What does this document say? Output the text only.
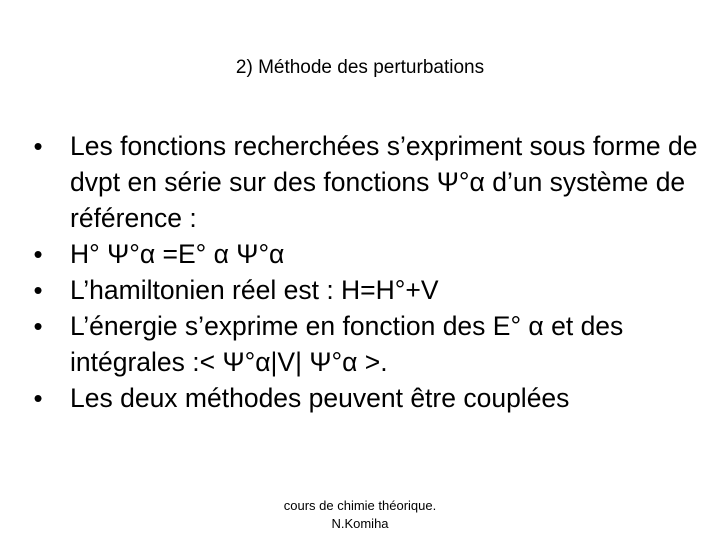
2) Méthode des perturbations
• Les fonctions recherchées s’expriment sous forme de dvpt en série sur des fonctions Ψ°α d’un système de référence :
• H° Ψ°α =E° α Ψ°α
• L’hamiltonien réel est : H=H°+V
• L’énergie s’exprime en fonction des E° α et des intégrales :< Ψ°α|V| Ψ°α >.
• Les deux méthodes peuvent être couplées
cours de chimie théorique.
N.Komiha
